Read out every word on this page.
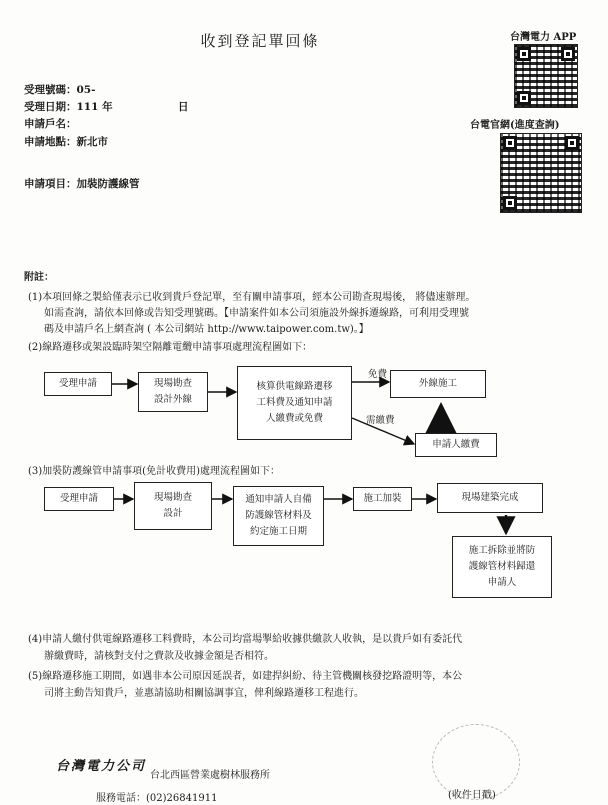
收到登記單回條	台灣電力 APP
台電官網(進度查詢)
受理號碼：05-
受理日期：111 年	日
申請戶名：
申請地點：新北市
申請項目：加裝防護線管
附註：
(1)本項回條之製給僅表示已收到貴戶登記單，至有關申請事項，經本公司勘查現場後， 將儘速辦理。
如需查詢，請依本回條或告知受理號碼。【申請案件如本公司須施設外線拆遷線路，可利用受理號
碼及申請戶名上網查詢 ( 本公司網站 http://www.taipower.com.tw)。】
(2)線路遷移或架設臨時架空隔離電纜申請事項處理流程圖如下：
受理申請	現場勘查
設計外線
核算供電線路遷移
工料費及通知申請
人繳費或免費
免費
需繳費
外線施工
申請人繳費
(3)加裝防護線管申請事項(免計收費用)處理流程圖如下：
受理申請	現場勘查
設計
通知申請人自備
防護線管材料及
約定施工日期
施工加裝	現場建築完成
施工拆除並將防
護線管材料歸還
申請人
(4)申請人繳付供電線路遷移工料費時，本公司均當場掣給收據供繳款人收執，是以貴戶如有委託代
辦繳費時，請核對支付之費款及收據金額是否相符。
(5)線路遷移施工期間，如遇非本公司原因延誤者，如建捍糾紛、待主管機關核發挖路證明等，本公
司將主動告知貴戶，並惠請協助相關協調事宜，俾利線路遷移工程進行。
台灣電力公司
台北西區營業處樹林服務所
服務電話：(02)26841911	(收件日戳)
